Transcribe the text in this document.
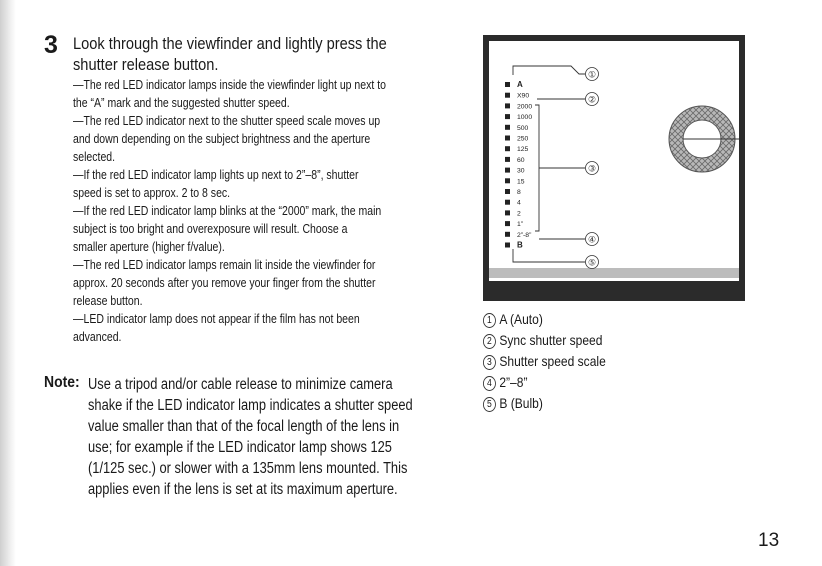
3 Look through the viewfinder and lightly press the
shutter release button.
—The red LED indicator lamps inside the viewfinder light up next to
the “A” mark and the suggested shutter speed.
—The red LED indicator next to the shutter speed scale moves up
and down depending on the subject brightness and the aperture
selected.
—If the red LED indicator lamp lights up next to 2”–8”, shutter
speed is set to approx. 2 to 8 sec.
—If the red LED indicator lamp blinks at the “2000” mark, the main
subject is too bright and overexposure will result. Choose a
smaller aperture (higher f/value).
—The red LED indicator lamps remain lit inside the viewfinder for
approx. 20 seconds after you remove your finger from the shutter
release button.
—LED indicator lamp does not appear if the film has not been
advanced.
Note: Use a tripod and/or cable release to minimize camera
shake if the LED indicator lamp indicates a shutter speed
value smaller than that of the focal length of the lens in
use; for example if the LED indicator lamp shows 125
(1/125 sec.) or slower with a 135mm lens mounted. This
applies even if the lens is set at its maximum aperture.
A
X90
2000
1000
500
250
125
60
30
15
8
4
2
1”
2”-8”
B
①
②
③
④
⑤
1 A (Auto)
2 Sync shutter speed
3 Shutter speed scale
4 2”–8”
5 B (Bulb)
13
